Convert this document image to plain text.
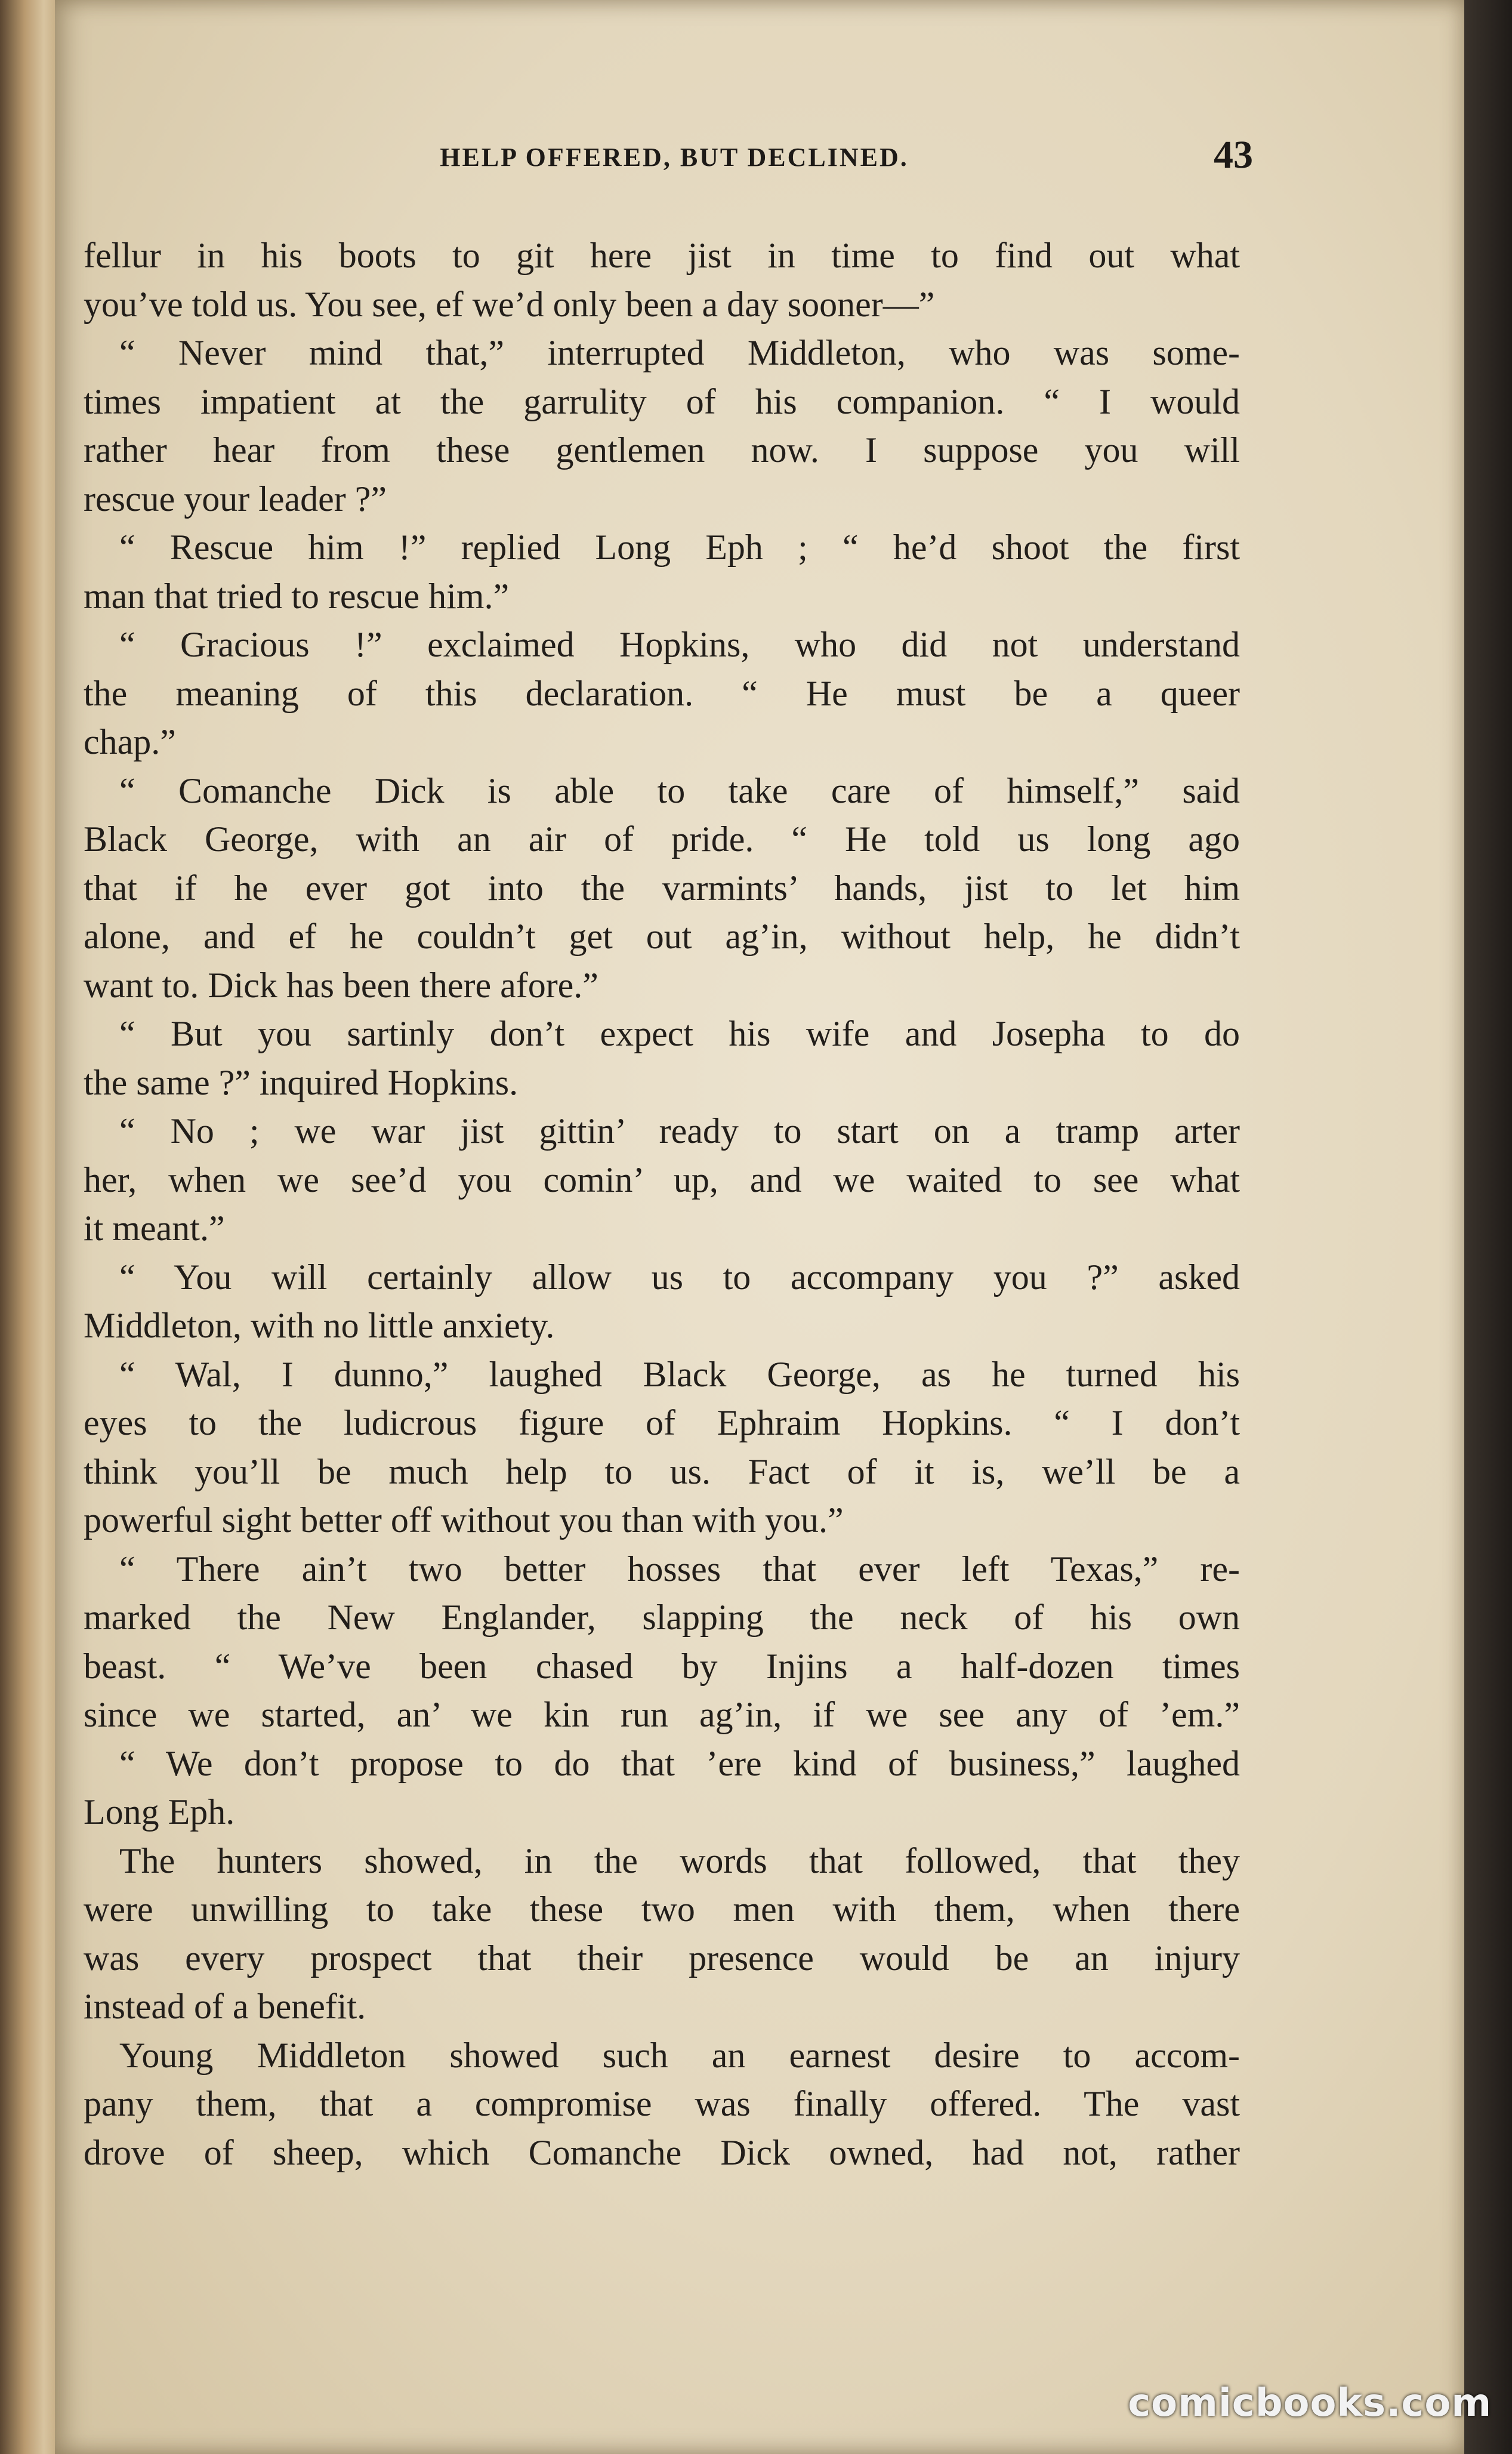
HELP OFFERED, BUT DECLINED.	43
fellur in his boots to git here jist in time to find out what
you’ve told us. You see, ef we’d only been a day sooner—”
“ Never mind that,” interrupted Middleton, who was some-
times impatient at the garrulity of his companion. “ I would
rather hear from these gentlemen now. I suppose you will
rescue your leader ?”
“ Rescue him !” replied Long Eph ; “ he’d shoot the first
man that tried to rescue him.”
“ Gracious !” exclaimed Hopkins, who did not understand
the meaning of this declaration. “ He must be a queer
chap.”
“ Comanche Dick is able to take care of himself,” said
Black George, with an air of pride. “ He told us long ago
that if he ever got into the varmints’ hands, jist to let him
alone, and ef he couldn’t get out ag’in, without help, he didn’t
want to. Dick has been there afore.”
“ But you sartinly don’t expect his wife and Josepha to do
the same ?” inquired Hopkins.
“ No ; we war jist gittin’ ready to start on a tramp arter
her, when we see’d you comin’ up, and we waited to see what
it meant.”
“ You will certainly allow us to accompany you ?” asked
Middleton, with no little anxiety.
“ Wal, I dunno,” laughed Black George, as he turned his
eyes to the ludicrous figure of Ephraim Hopkins. “ I don’t
think you’ll be much help to us. Fact of it is, we’ll be a
powerful sight better off without you than with you.”
“ There ain’t two better hosses that ever left Texas,” re-
marked the New Englander, slapping the neck of his own
beast. “ We’ve been chased by Injins a half-dozen times
since we started, an’ we kin run ag’in, if we see any of ’em.”
“ We don’t propose to do that ’ere kind of business,” laughed
Long Eph.
The hunters showed, in the words that followed, that they
were unwilling to take these two men with them, when there
was every prospect that their presence would be an injury
instead of a benefit.
Young Middleton showed such an earnest desire to accom-
pany them, that a compromise was finally offered. The vast
drove of sheep, which Comanche Dick owned, had not, rather
comicbooks.com
